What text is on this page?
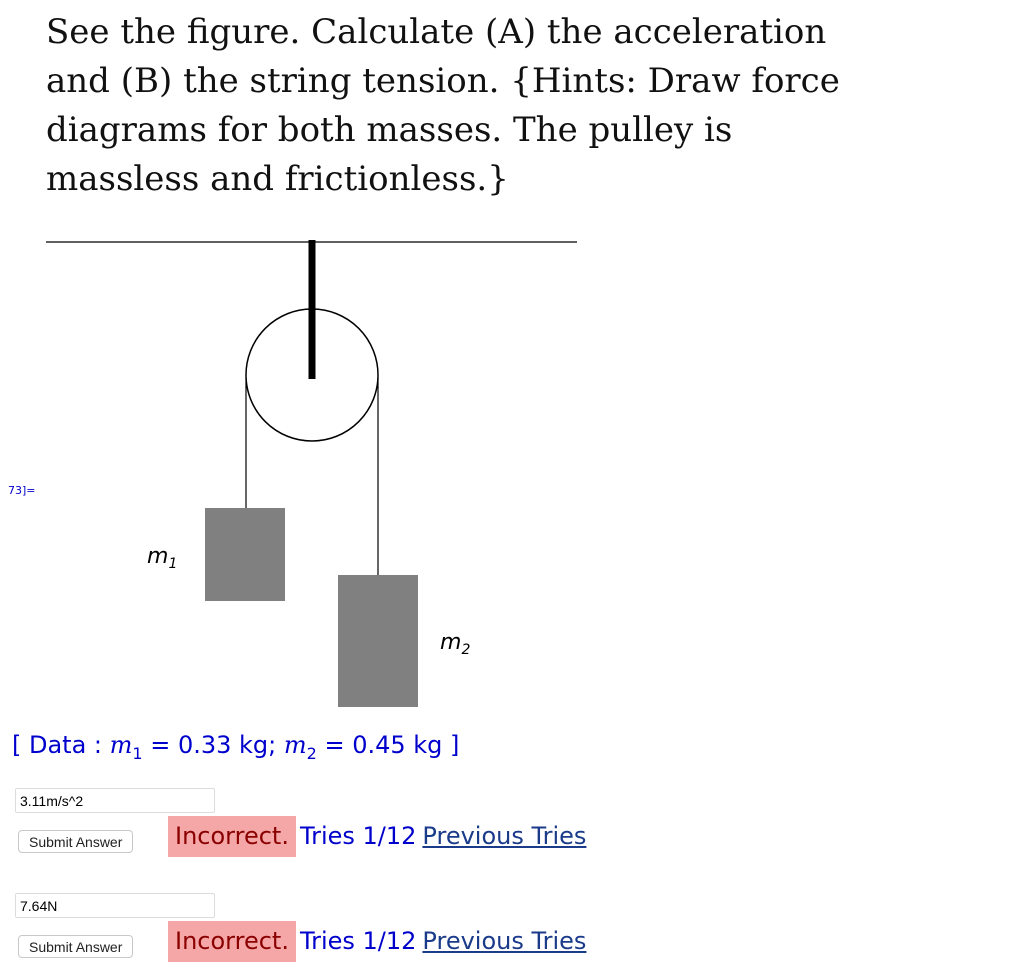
See the figure. Calculate (A) the acceleration and (B) the string tension. {Hints: Draw force diagrams for both masses. The pulley is massless and frictionless.}

73]=
$m_1$
$m_2$
[ Data : $m_1 = 0.33$ kg; $m_2 = 0.45$ kg ]
3.11m/s^2
Submit Answer	Incorrect. Tries 1/12 Previous Tries
7.64N
Submit Answer	Incorrect. Tries 1/12 Previous Tries
